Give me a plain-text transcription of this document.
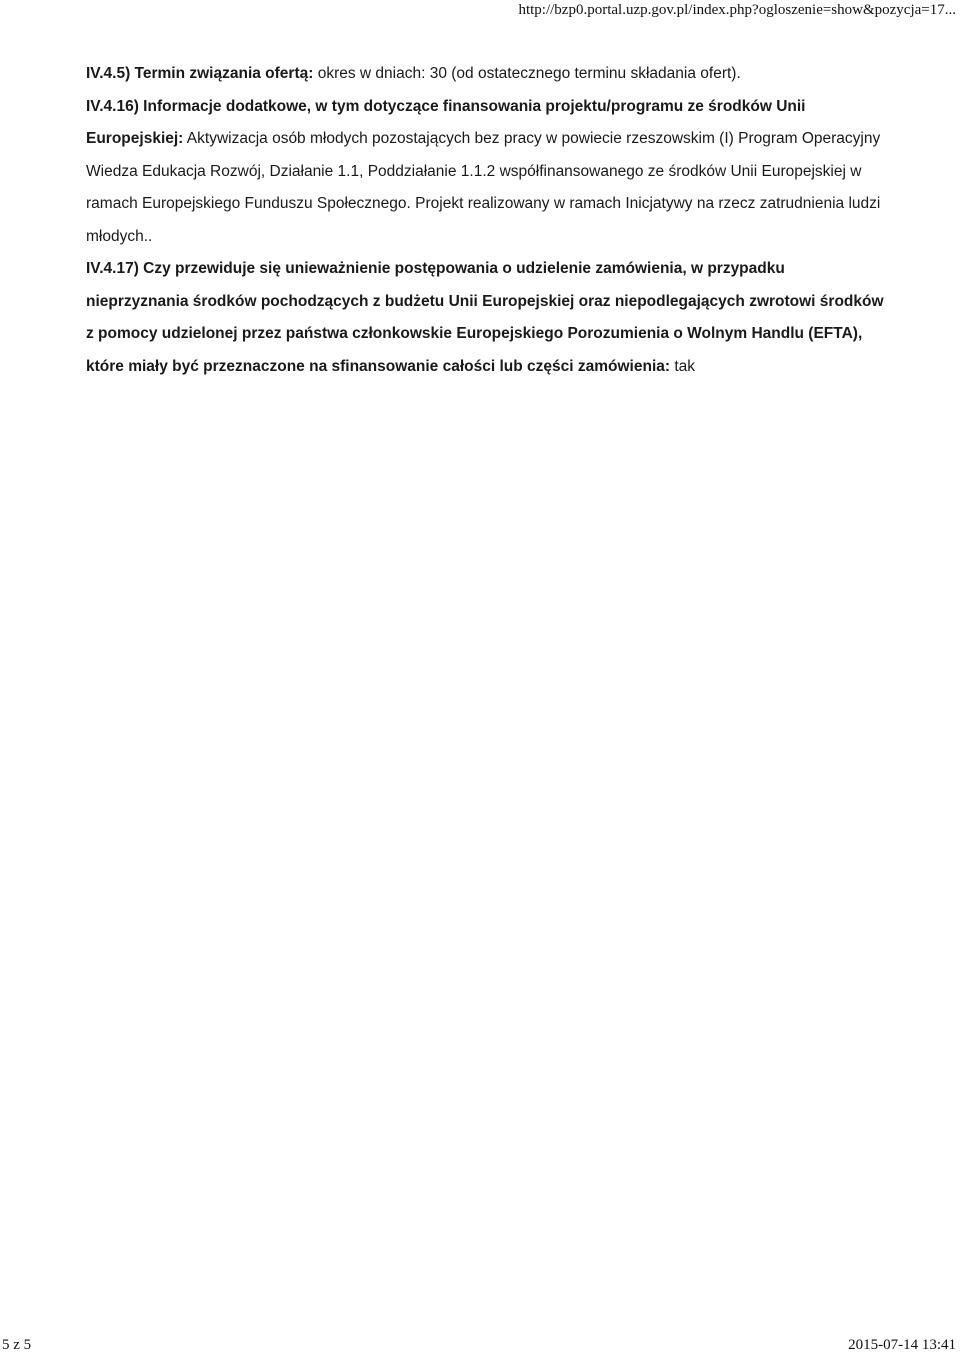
http://bzp0.portal.uzp.gov.pl/index.php?ogloszenie=show&pozycja=17...

IV.4.5) Termin związania ofertą: okres w dniach: 30 (od ostatecznego terminu składania ofert).

IV.4.16) Informacje dodatkowe, w tym dotyczące finansowania projektu/programu ze środków Unii Europejskiej: Aktywizacja osób młodych pozostających bez pracy w powiecie rzeszowskim (I) Program Operacyjny Wiedza Edukacja Rozwój, Działanie 1.1, Poddziałanie 1.1.2 współfinansowanego ze środków Unii Europejskiej w ramach Europejskiego Funduszu Społecznego. Projekt realizowany w ramach Inicjatywy na rzecz zatrudnienia ludzi młodych..

IV.4.17) Czy przewiduje się unieważnienie postępowania o udzielenie zamówienia, w przypadku nieprzyznania środków pochodzących z budżetu Unii Europejskiej oraz niepodlegających zwrotowi środków z pomocy udzielonej przez państwa członkowskie Europejskiego Porozumienia o Wolnym Handlu (EFTA), które miały być przeznaczone na sfinansowanie całości lub części zamówienia: tak

5 z 5	2015-07-14 13:41
